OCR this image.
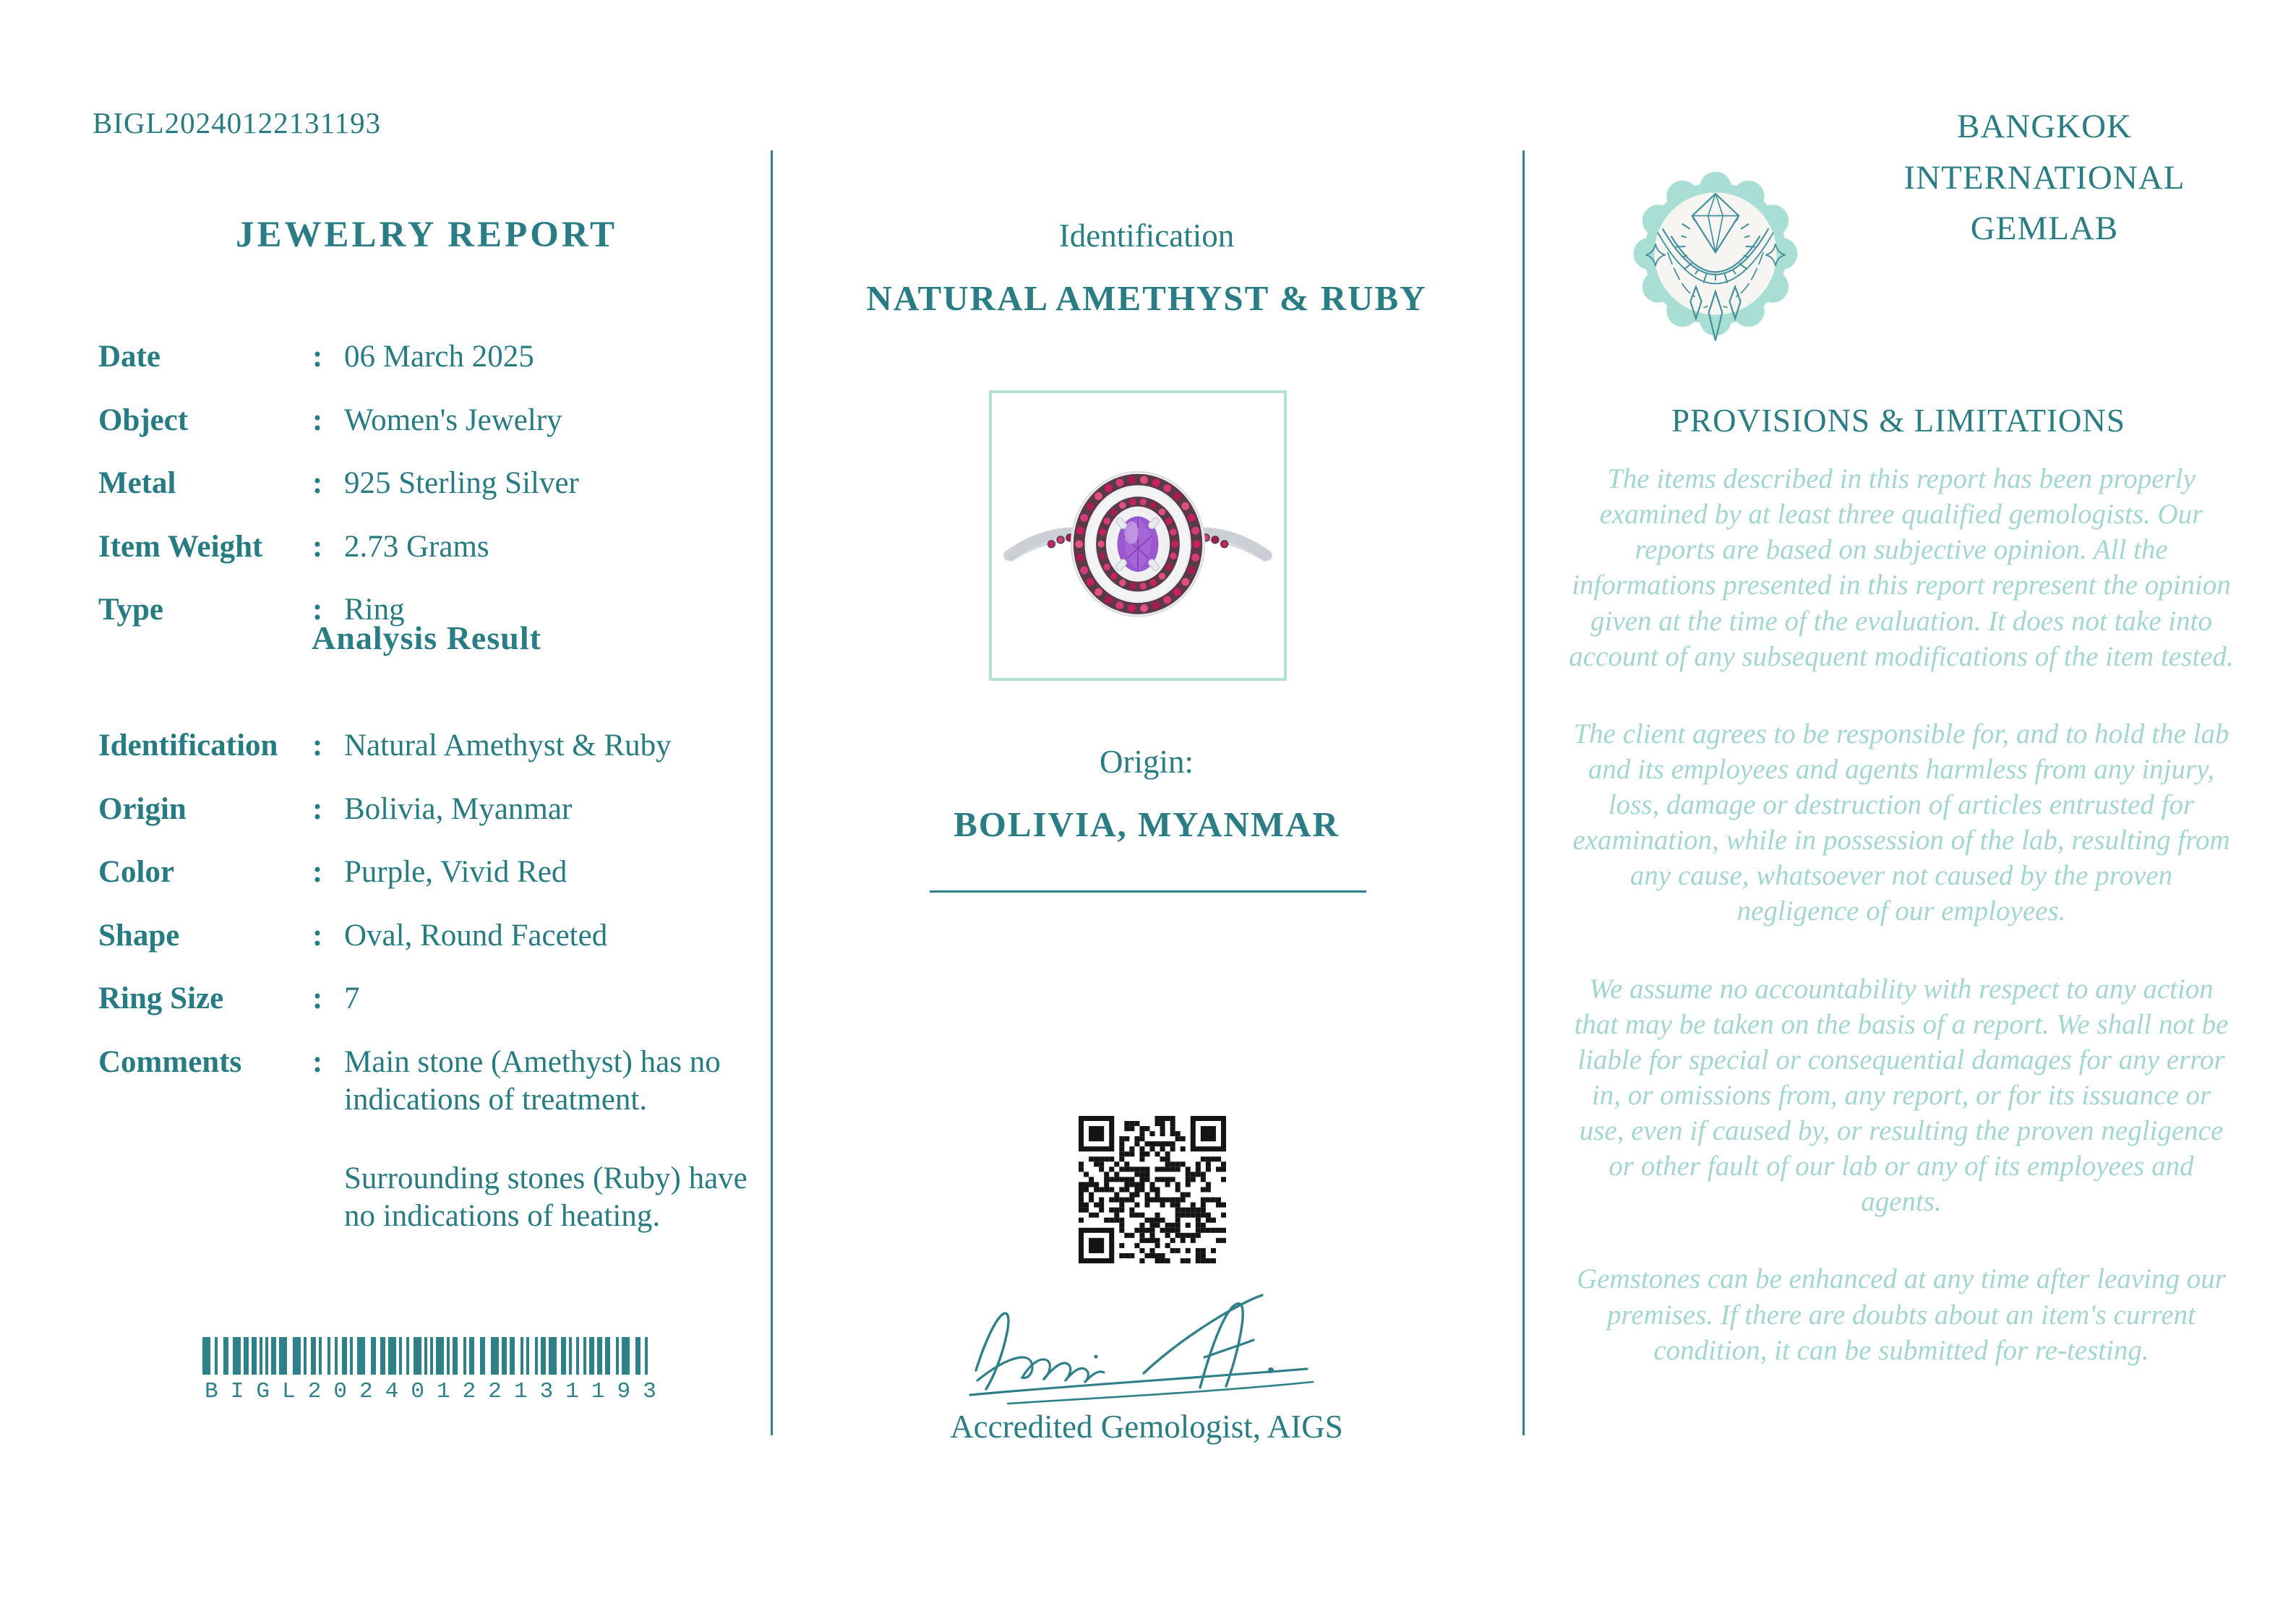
BIGL20240122131193
JEWELRY REPORT
Date	: 06 March 2025
Object	: Women's Jewelry
Metal	: 925 Sterling Silver
Item Weight	: 2.73 Grams
Type	: Ring
Analysis Result
Identification	: Natural Amethyst & Ruby
Origin	: Bolivia, Myanmar
Color	: Purple, Vivid Red
Shape	: Oval, Round Faceted
Ring Size	: 7
Comments	: Main stone (Amethyst) has no indications of treatment.

Surrounding stones (Ruby) have no indications of heating.

BIGL20240122131193
Identification
NATURAL AMETHYST & RUBY
Origin:
BOLIVIA, MYANMAR
Accredited Gemologist, AIGS
BANGKOK
INTERNATIONAL
GEMLAB
PROVISIONS & LIMITATIONS

The items described in this report has been properly examined by at least three qualified gemologists. Our reports are based on subjective opinion. All the informations presented in this report represent the opinion given at the time of the evaluation. It does not take into account of any subsequent modifications of the item tested.

The client agrees to be responsible for, and to hold the lab and its employees and agents harmless from any injury, loss, damage or destruction of articles entrusted for examination, while in possession of the lab, resulting from any cause, whatsoever not caused by the proven negligence of our employees.

We assume no accountability with respect to any action that may be taken on the basis of a report. We shall not be liable for special or consequential damages for any error in, or omissions from, any report, or for its issuance or use, even if caused by, or resulting the proven negligence or other fault of our lab or any of its employees and agents.

Gemstones can be enhanced at any time after leaving our premises. If there are doubts about an item's current condition, it can be submitted for re-testing.
